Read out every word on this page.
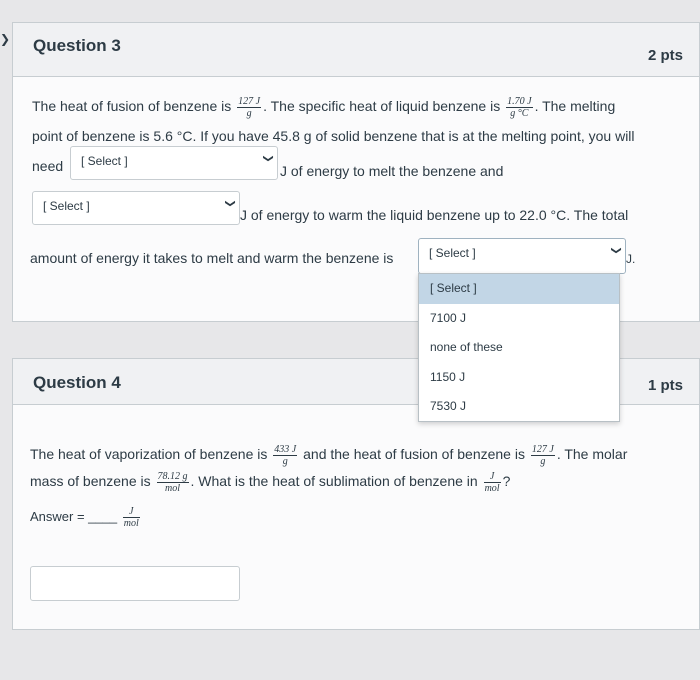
❯ Question 3
2 pts
The heat of fusion of benzene is $\frac{127 J}{g}$ . The specific heat of liquid benzene is $\frac{1.70 J}{g ^\circ C}$ . The melting
point of benzene is 5.6 °C. If you have 45.8 g of solid benzene that is at the melting point, you will
need [ Select ]	❯
J of energy to melt the benzene and
[ Select ]	❯
J of energy to warm the liquid benzene up to 22.0 °C. The total
amount of energy it takes to melt and warm the benzene is	[ Select ]	❯
J.
Question 4	1 pts
The heat of vaporization of benzene is $\frac{433 J}{g}$ and the heat of fusion of benzene is $\frac{127 J}{g}$ . The molar
mass of benzene is $\frac{78.12 g}{\text{mol}}$ . What is the heat of sublimation of benzene in $\frac{J}{\text{mol}}$ ?
Answer = ____ $\frac{J}{\text{mol}}$
[ Select ]
7100 J
none of these
1150 J
7530 J
